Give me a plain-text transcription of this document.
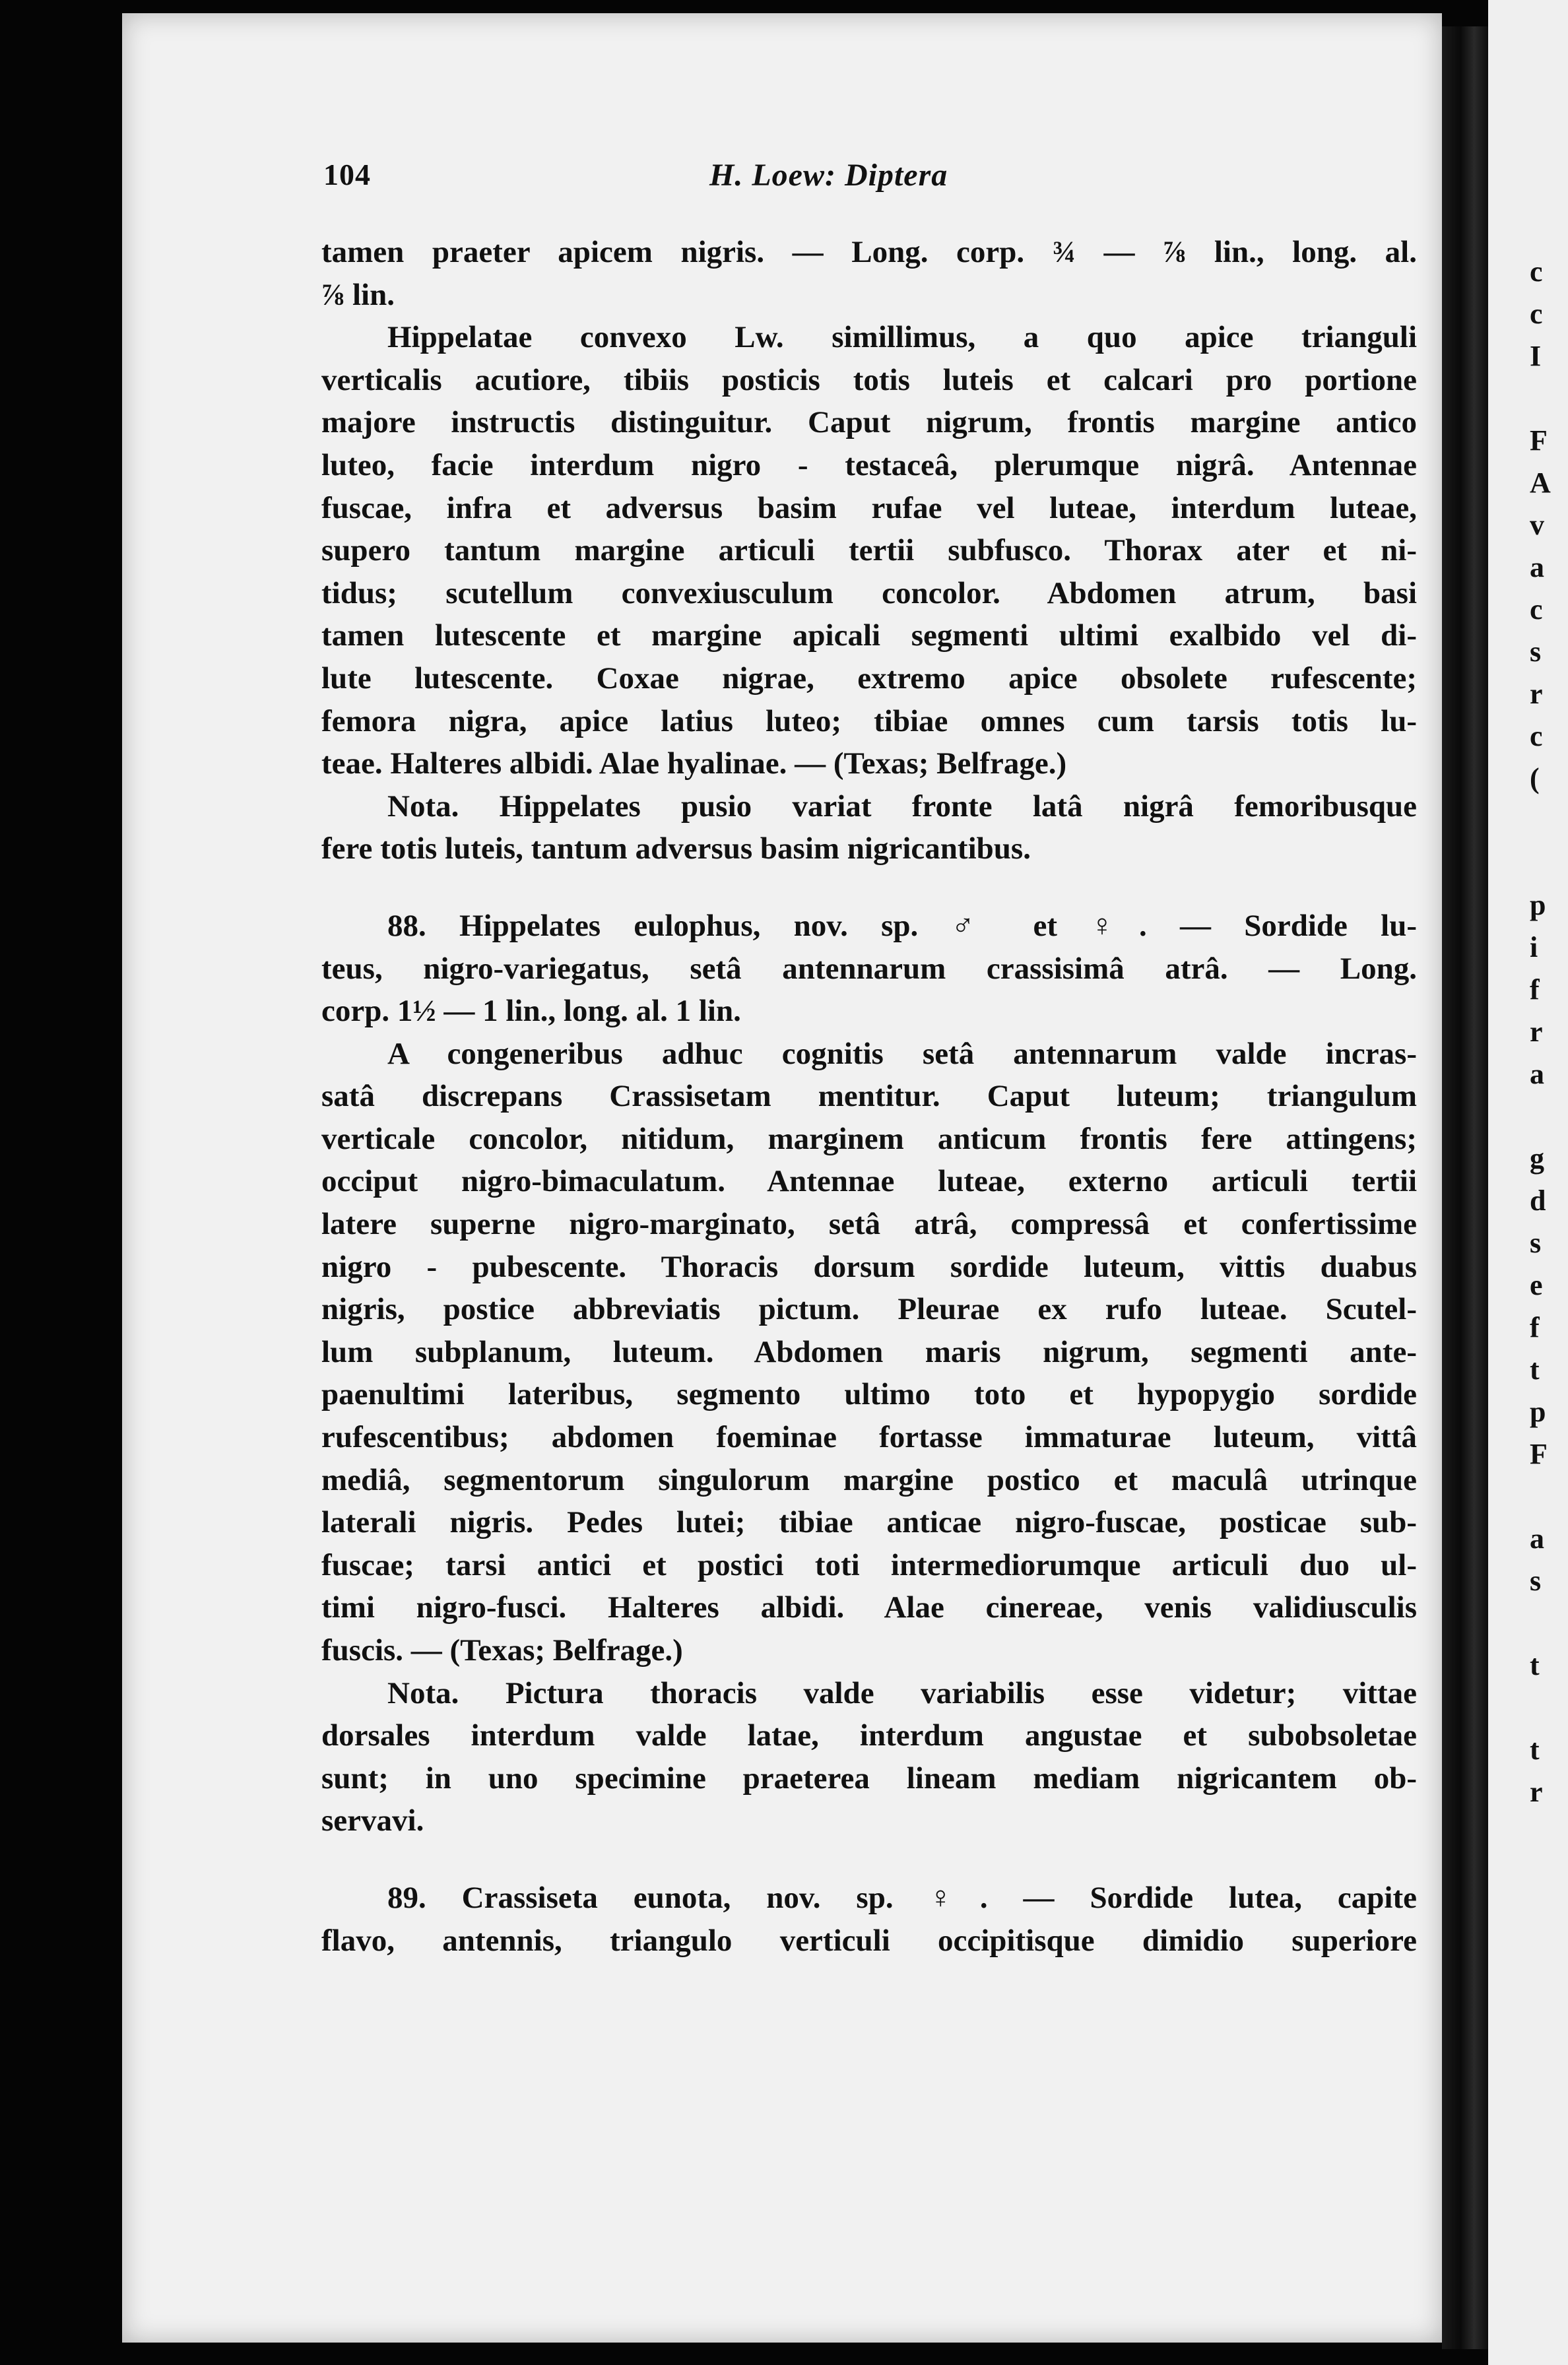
c
c
I
F
A
v
a
c
s
r
c
(
p
i
f
r
a
g
d
s
e
f
t
p
F
a
s
t
t
r
104	H. Loew: Diptera
tamen praeter apicem nigris. — Long. corp. ¾ — ⅞ lin., long. al.
⅞ lin.
Hippelatae convexo Lw. simillimus, a quo apice trianguli
verticalis acutiore, tibiis posticis totis luteis et calcari pro portione
majore instructis distinguitur. Caput nigrum, frontis margine antico
luteo, facie interdum nigro - testaceâ, plerumque nigrâ. Antennae
fuscae, infra et adversus basim rufae vel luteae, interdum luteae,
supero tantum margine articuli tertii subfusco. Thorax ater et ni-
tidus; scutellum convexiusculum concolor. Abdomen atrum, basi
tamen lutescente et margine apicali segmenti ultimi exalbido vel di-
lute lutescente. Coxae nigrae, extremo apice obsolete rufescente;
femora nigra, apice latius luteo; tibiae omnes cum tarsis totis lu-
teae. Halteres albidi. Alae hyalinae. — (Texas; Belfrage.)
Nota. Hippelates pusio variat fronte latâ nigrâ femoribusque
fere totis luteis, tantum adversus basim nigricantibus.
88. Hippelates eulophus, nov. sp. ♂ et ♀. — Sordide lu-
teus, nigro-variegatus, setâ antennarum crassisimâ atrâ. — Long.
corp. 1½ — 1 lin., long. al. 1 lin.
A congeneribus adhuc cognitis setâ antennarum valde incras-
satâ discrepans Crassisetam mentitur. Caput luteum; triangulum
verticale concolor, nitidum, marginem anticum frontis fere attingens;
occiput nigro-bimaculatum. Antennae luteae, externo articuli tertii
latere superne nigro-marginato, setâ atrâ, compressâ et confertissime
nigro - pubescente. Thoracis dorsum sordide luteum, vittis duabus
nigris, postice abbreviatis pictum. Pleurae ex rufo luteae. Scutel-
lum subplanum, luteum. Abdomen maris nigrum, segmenti ante-
paenultimi lateribus, segmento ultimo toto et hypopygio sordide
rufescentibus; abdomen foeminae fortasse immaturae luteum, vittâ
mediâ, segmentorum singulorum margine postico et maculâ utrinque
laterali nigris. Pedes lutei; tibiae anticae nigro-fuscae, posticae sub-
fuscae; tarsi antici et postici toti intermediorumque articuli duo ul-
timi nigro-fusci. Halteres albidi. Alae cinereae, venis validiusculis
fuscis. — (Texas; Belfrage.)
Nota. Pictura thoracis valde variabilis esse videtur; vittae
dorsales interdum valde latae, interdum angustae et subobsoletae
sunt; in uno specimine praeterea lineam mediam nigricantem ob-
servavi.
89. Crassiseta eunota, nov. sp. ♀. — Sordide lutea, capite
flavo, antennis, triangulo verticuli occipitisque dimidio superiore
